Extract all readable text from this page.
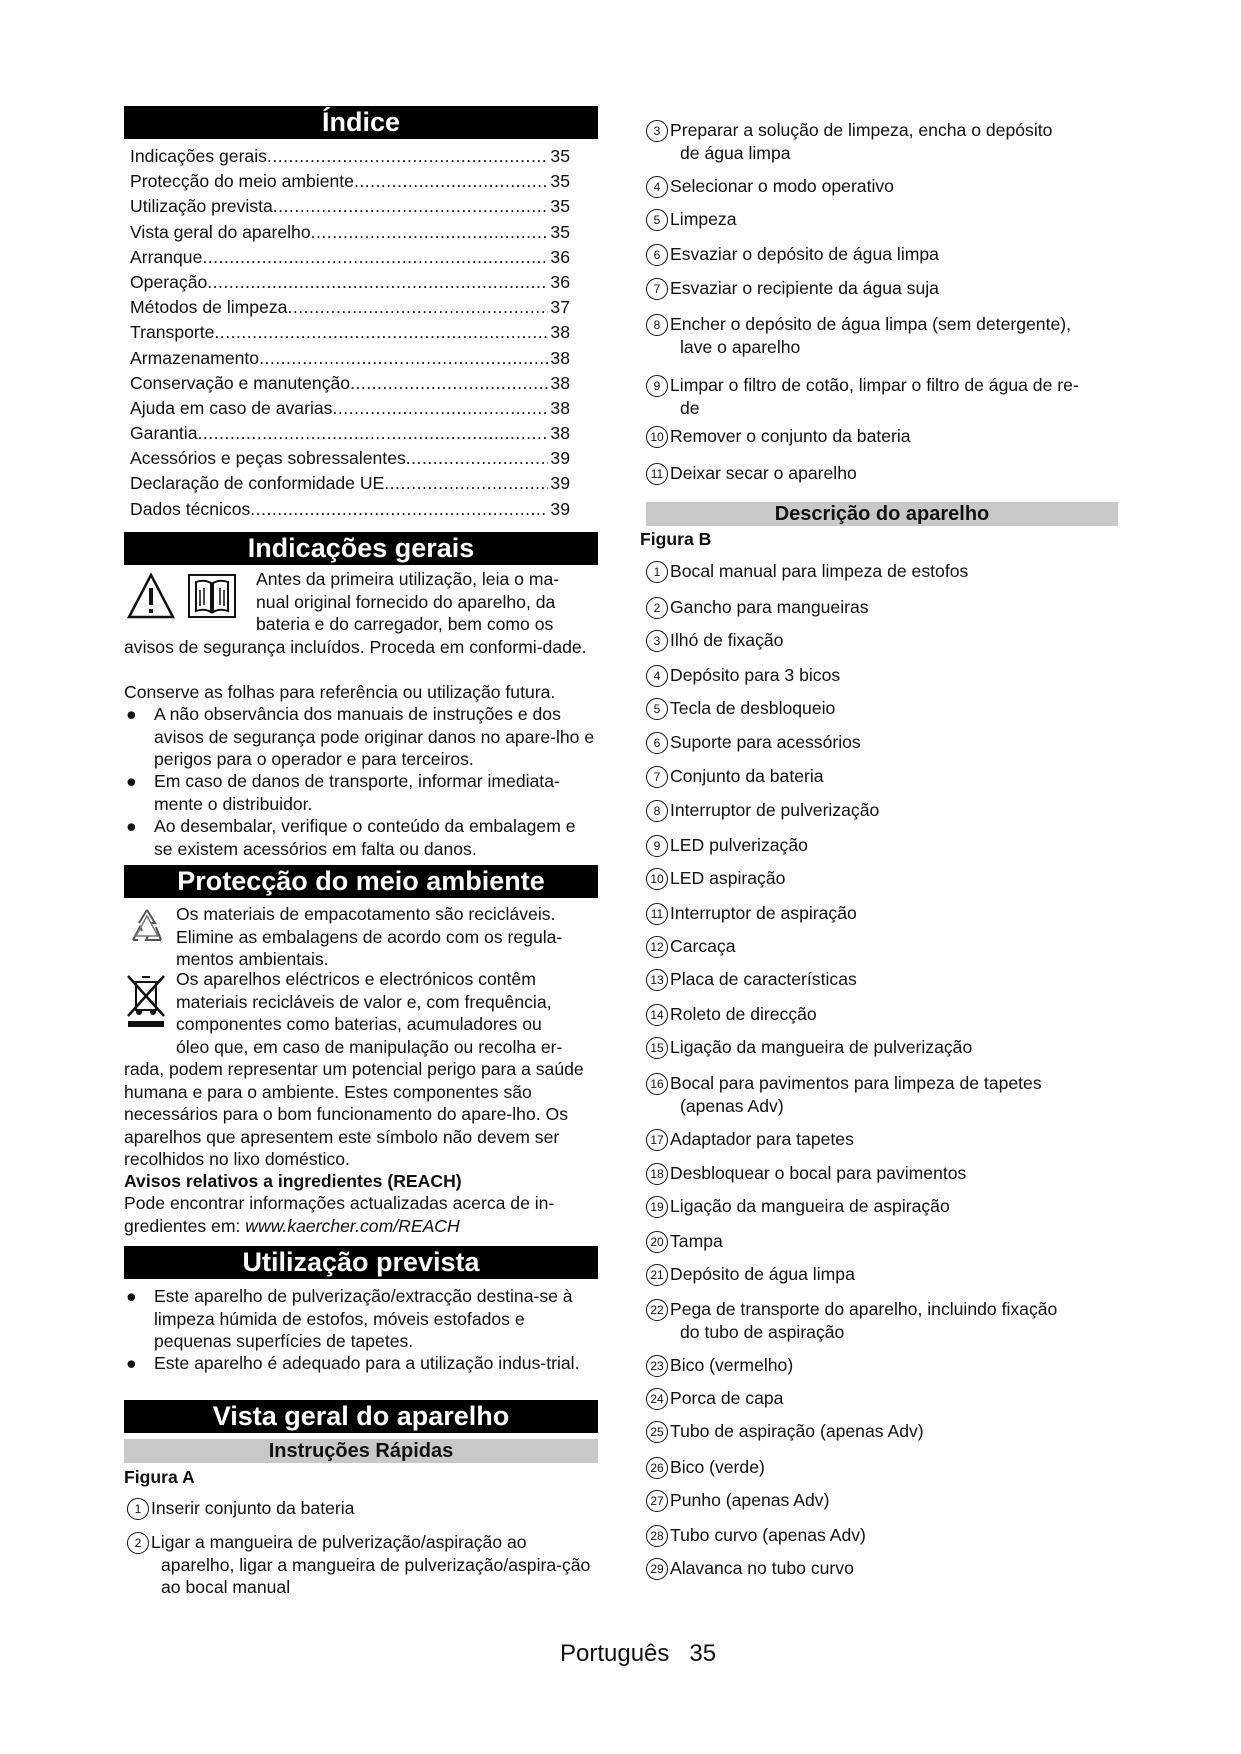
Índice
Indicações gerais .....	35
Protecção do meio ambiente .....	35
Utilização prevista .....	35
Vista geral do aparelho .....	35
Arranque .....	36
Operação .....	36
Métodos de limpeza .....	37
Transporte .....	38
Armazenamento .....	38
Conservação e manutenção .....	38
Ajuda em caso de avarias .....	38
Garantia .....	38
Acessórios e peças sobressalentes .....	39
Declaração de conformidade UE .....	39
Dados técnicos .....	39
Indicações gerais
Antes da primeira utilização, leia o ma-
nual original fornecido do aparelho, da
bateria e do carregador, bem como os
avisos de segurança incluídos. Proceda em conformi-dade.
Conserve as folhas para referência ou utilização futura.
● A não observância dos manuais de instruções e dos avisos de segurança pode originar danos no apare-lho e perigos para o operador e para terceiros.
● Em caso de danos de transporte, informar imediata-mente o distribuidor.
● Ao desembalar, verifique o conteúdo da embalagem e se existem acessórios em falta ou danos.
Protecção do meio ambiente
Os materiais de empacotamento são recicláveis. Elimine as embalagens de acordo com os regula-mentos ambientais.
Os aparelhos eléctricos e electrónicos contêm
materiais recicláveis de valor e, com frequência,
componentes como baterias, acumuladores ou
óleo que, em caso de manipulação ou recolha er-
rada, podem representar um potencial perigo para a saúde humana e para o ambiente. Estes componentes são necessários para o bom funcionamento do apare-lho. Os aparelhos que apresentem este símbolo não devem ser recolhidos no lixo doméstico.
Avisos relativos a ingredientes (REACH)
Pode encontrar informações actualizadas acerca de in-gredientes em: www.kaercher.com/REACH
Utilização prevista
● Este aparelho de pulverização/extracção destina-se à limpeza húmida de estofos, móveis estofados e pequenas superfícies de tapetes.
● Este aparelho é adequado para a utilização indus-trial.
Vista geral do aparelho
Instruções Rápidas
Figura A
1 Inserir conjunto da bateria
2 Ligar a mangueira de pulverização/aspiração ao
aparelho, ligar a mangueira de pulverização/aspira-ção ao bocal manual
3 Preparar a solução de limpeza, encha o depósito
de água limpa
4 Selecionar o modo operativo
5 Limpeza
6 Esvaziar o depósito de água limpa
7 Esvaziar o recipiente da água suja
8 Encher o depósito de água limpa (sem detergente),
lave o aparelho
9 Limpar o filtro de cotão, limpar o filtro de água de re-
de
10 Remover o conjunto da bateria
11 Deixar secar o aparelho
Descrição do aparelho
Figura B
1 Bocal manual para limpeza de estofos
2 Gancho para mangueiras
3 Ilhó de fixação
4 Depósito para 3 bicos
5 Tecla de desbloqueio
6 Suporte para acessórios
7 Conjunto da bateria
8 Interruptor de pulverização
9 LED pulverização
10 LED aspiração
11 Interruptor de aspiração
12 Carcaça
13 Placa de características
14 Roleto de direcção
15 Ligação da mangueira de pulverização
16 Bocal para pavimentos para limpeza de tapetes
(apenas Adv)
17 Adaptador para tapetes
18 Desbloquear o bocal para pavimentos
19 Ligação da mangueira de aspiração
20 Tampa
21 Depósito de água limpa
22 Pega de transporte do aparelho, incluindo fixação
do tubo de aspiração
23 Bico (vermelho)
24 Porca de capa
25 Tubo de aspiração (apenas Adv)
26 Bico (verde)
27 Punho (apenas Adv)
28 Tubo curvo (apenas Adv)
29 Alavanca no tubo curvo
Português 35
